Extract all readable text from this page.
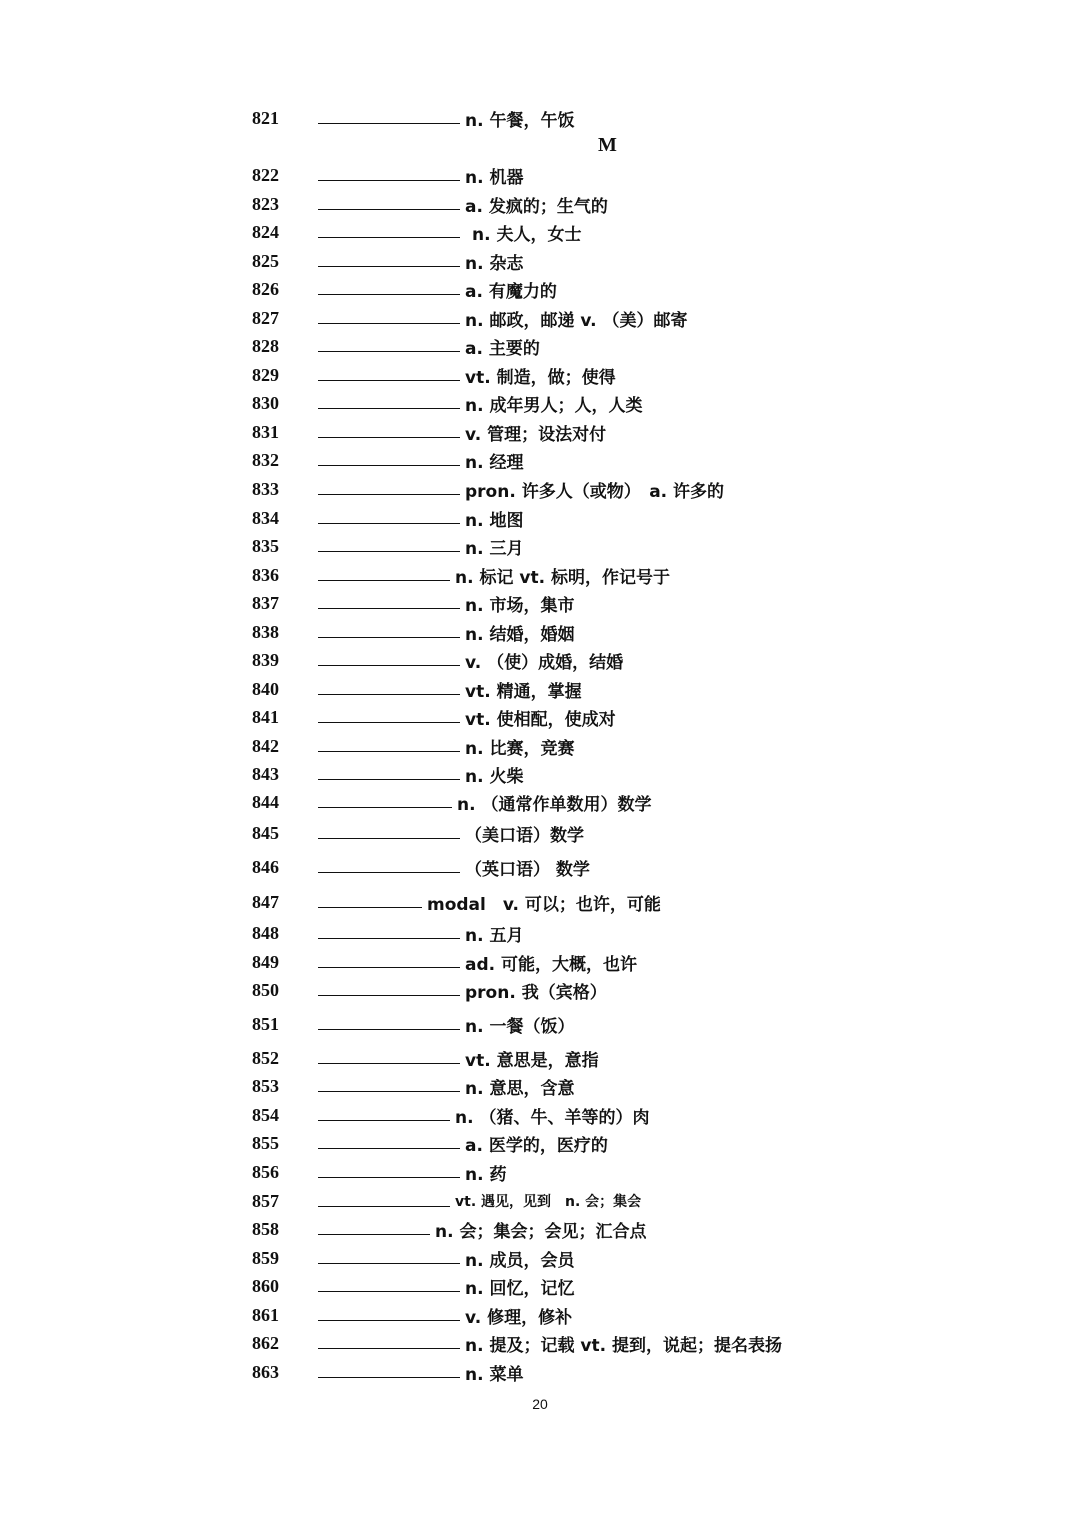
M
821	n. 午餐，午饭
822	n. 机器
823	a. 发疯的；生气的
824	n. 夫人，女士
825	n. 杂志
826	a. 有魔力的
827	n. 邮政，邮递 v. （美）邮寄
828	a. 主要的
829	vt. 制造，做；使得
830	n. 成年男人；人，人类
831	v. 管理；设法对付
832	n. 经理
833	pron. 许多人（或物）　a. 许多的
834	n. 地图
835	n. 三月
836	n. 标记 vt. 标明，作记号于
837	n. 市场，集市
838	n. 结婚，婚姻
839	v. （使）成婚，结婚
840	vt. 精通，掌握
841	vt. 使相配，使成对
842	n. 比赛，竞赛
843	n. 火柴
844	n. （通常作单数用）数学
845	（美口语）数学
846	（英口语） 数学
847	modal　v. 可以；也许，可能
848	n. 五月
849	ad. 可能，大概，也许
850	pron. 我（宾格）
851	n. 一餐（饭）
852	vt. 意思是，意指
853	n. 意思，含意
854	n. （猪、牛、羊等的）肉
855	a. 医学的，医疗的
856	n. 药
857	vt. 遇见，见到　n. 会；集会
858	n. 会；集会；会见；汇合点
859	n. 成员，会员
860	n. 回忆，记忆
861	v. 修理，修补
862	n. 提及；记载 vt. 提到，说起；提名表扬
863	n. 菜单
20
